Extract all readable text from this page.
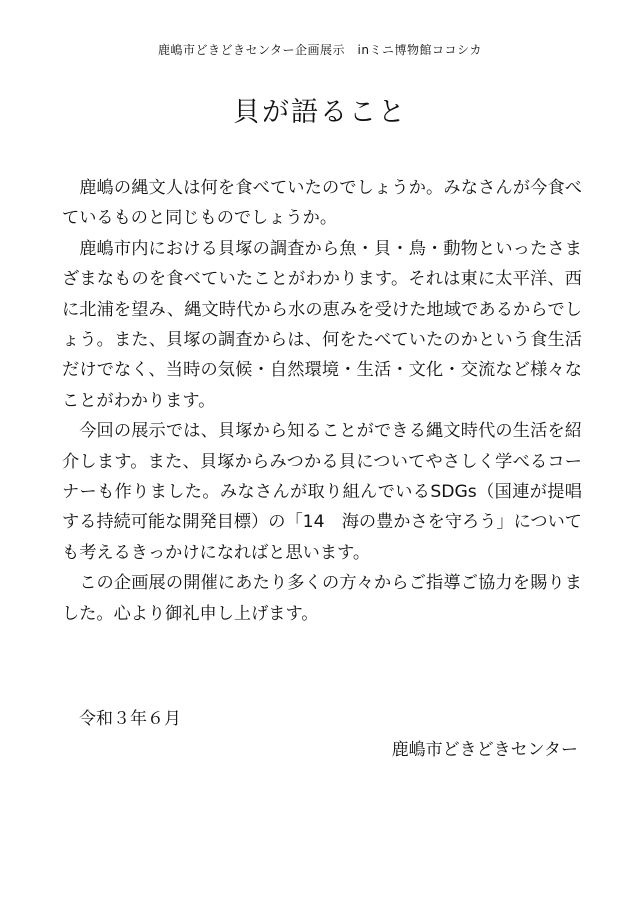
鹿嶋市どきどきセンター企画展示　inミニ博物館ココシカ
貝が語ること

鹿嶋の縄文人は何を食べていたのでしょうか。みなさんが今食べているものと同じものでしょうか。

鹿嶋市内における貝塚の調査から魚・貝・鳥・動物といったさまざまなものを食べていたことがわかります。それは東に太平洋、西に北浦を望み、縄文時代から水の恵みを受けた地域であるからでしょう。また、貝塚の調査からは、何をたべていたのかという食生活だけでなく、当時の気候・自然環境・生活・文化・交流など様々なことがわかります。

今回の展示では、貝塚から知ることができる縄文時代の生活を紹介します。また、貝塚からみつかる貝についてやさしく学べるコーナーも作りました。みなさんが取り組んでいるSDGs（国連が提唱する持続可能な開発目標）の「14　海の豊かさを守ろう」についても考えるきっかけになればと思います。

この企画展の開催にあたり多くの方々からご指導ご協力を賜りました。心より御礼申し上げます。

令和３年６月
鹿嶋市どきどきセンター
